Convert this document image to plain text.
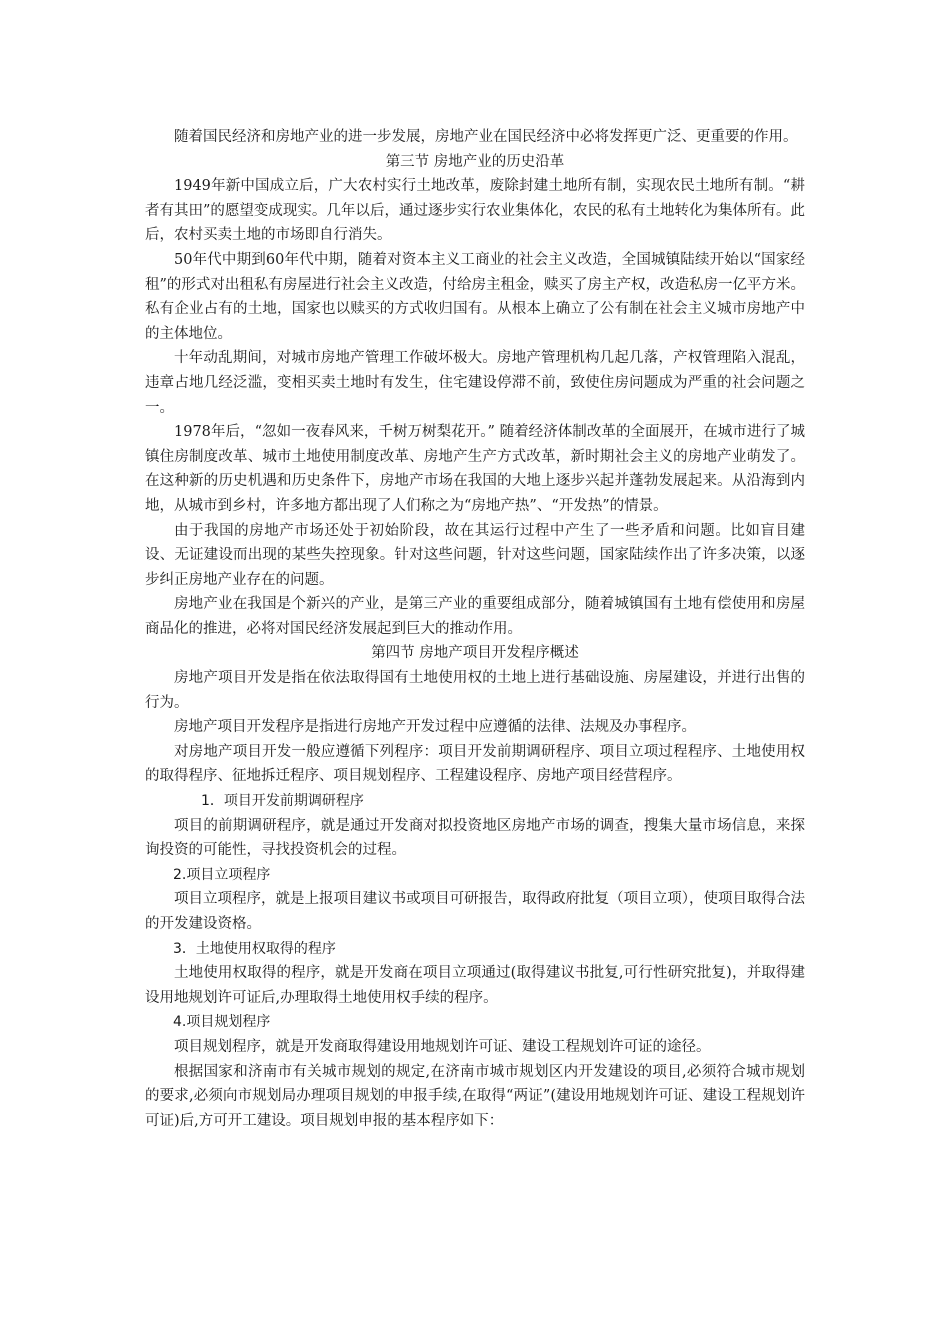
随着国民经济和房地产业的进一步发展，房地产业在国民经济中必将发挥更广泛、更重要的作用。

第三节 房地产业的历史沿革

1949年新中国成立后，广大农村实行土地改革，废除封建土地所有制，实现农民土地所有制。“耕者有其田”的愿望变成现实。几年以后，通过逐步实行农业集体化，农民的私有土地转化为集体所有。此后，农村买卖土地的市场即自行消失。

50年代中期到60年代中期，随着对资本主义工商业的社会主义改造，全国城镇陆续开始以“国家经租”的形式对出租私有房屋进行社会主义改造，付给房主租金，赎买了房主产权，改造私房一亿平方米。私有企业占有的土地，国家也以赎买的方式收归国有。从根本上确立了公有制在社会主义城市房地产中的主体地位。

十年动乱期间，对城市房地产管理工作破坏极大。房地产管理机构几起几落，产权管理陷入混乱，违章占地几经泛滥，变相买卖土地时有发生，住宅建设停滞不前，致使住房问题成为严重的社会问题之一。

1978年后，“忽如一夜春风来，千树万树梨花开。” 随着经济体制改革的全面展开，在城市进行了城镇住房制度改革、城市土地使用制度改革、房地产生产方式改革，新时期社会主义的房地产业萌发了。在这种新的历史机遇和历史条件下，房地产市场在我国的大地上逐步兴起并蓬勃发展起来。从沿海到内地，从城市到乡村，许多地方都出现了人们称之为“房地产热”、“开发热”的情景。

由于我国的房地产市场还处于初始阶段，故在其运行过程中产生了一些矛盾和问题。比如盲目建设、无证建设而出现的某些失控现象。针对这些问题，针对这些问题，国家陆续作出了许多决策，以逐步纠正房地产业存在的问题。

房地产业在我国是个新兴的产业，是第三产业的重要组成部分，随着城镇国有土地有偿使用和房屋商品化的推进，必将对国民经济发展起到巨大的推动作用。

第四节 房地产项目开发程序概述

房地产项目开发是指在依法取得国有土地使用权的土地上进行基础设施、房屋建设，并进行出售的行为。

房地产项目开发程序是指进行房地产开发过程中应遵循的法律、法规及办事程序。

对房地产项目开发一般应遵循下列程序：项目开发前期调研程序、项目立项过程程序、土地使用权的取得程序、征地拆迁程序、项目规划程序、工程建设程序、房地产项目经营程序。

1．项目开发前期调研程序

项目的前期调研程序，就是通过开发商对拟投资地区房地产市场的调查，搜集大量市场信息，来探询投资的可能性，寻找投资机会的过程。

2.项目立项程序

项目立项程序，就是上报项目建议书或项目可研报告，取得政府批复（项目立项），使项目取得合法的开发建设资格。

3．土地使用权取得的程序

土地使用权取得的程序，就是开发商在项目立项通过(取得建议书批复,可行性研究批复)，并取得建设用地规划许可证后,办理取得土地使用权手续的程序。

4.项目规划程序

项目规划程序，就是开发商取得建设用地规划许可证、建设工程规划许可证的途径。

根据国家和济南市有关城市规划的规定,在济南市城市规划区内开发建设的项目,必须符合城市规划的要求,必须向市规划局办理项目规划的申报手续,在取得“两证”(建设用地规划许可证、建设工程规划许可证)后,方可开工建设。项目规划申报的基本程序如下：
